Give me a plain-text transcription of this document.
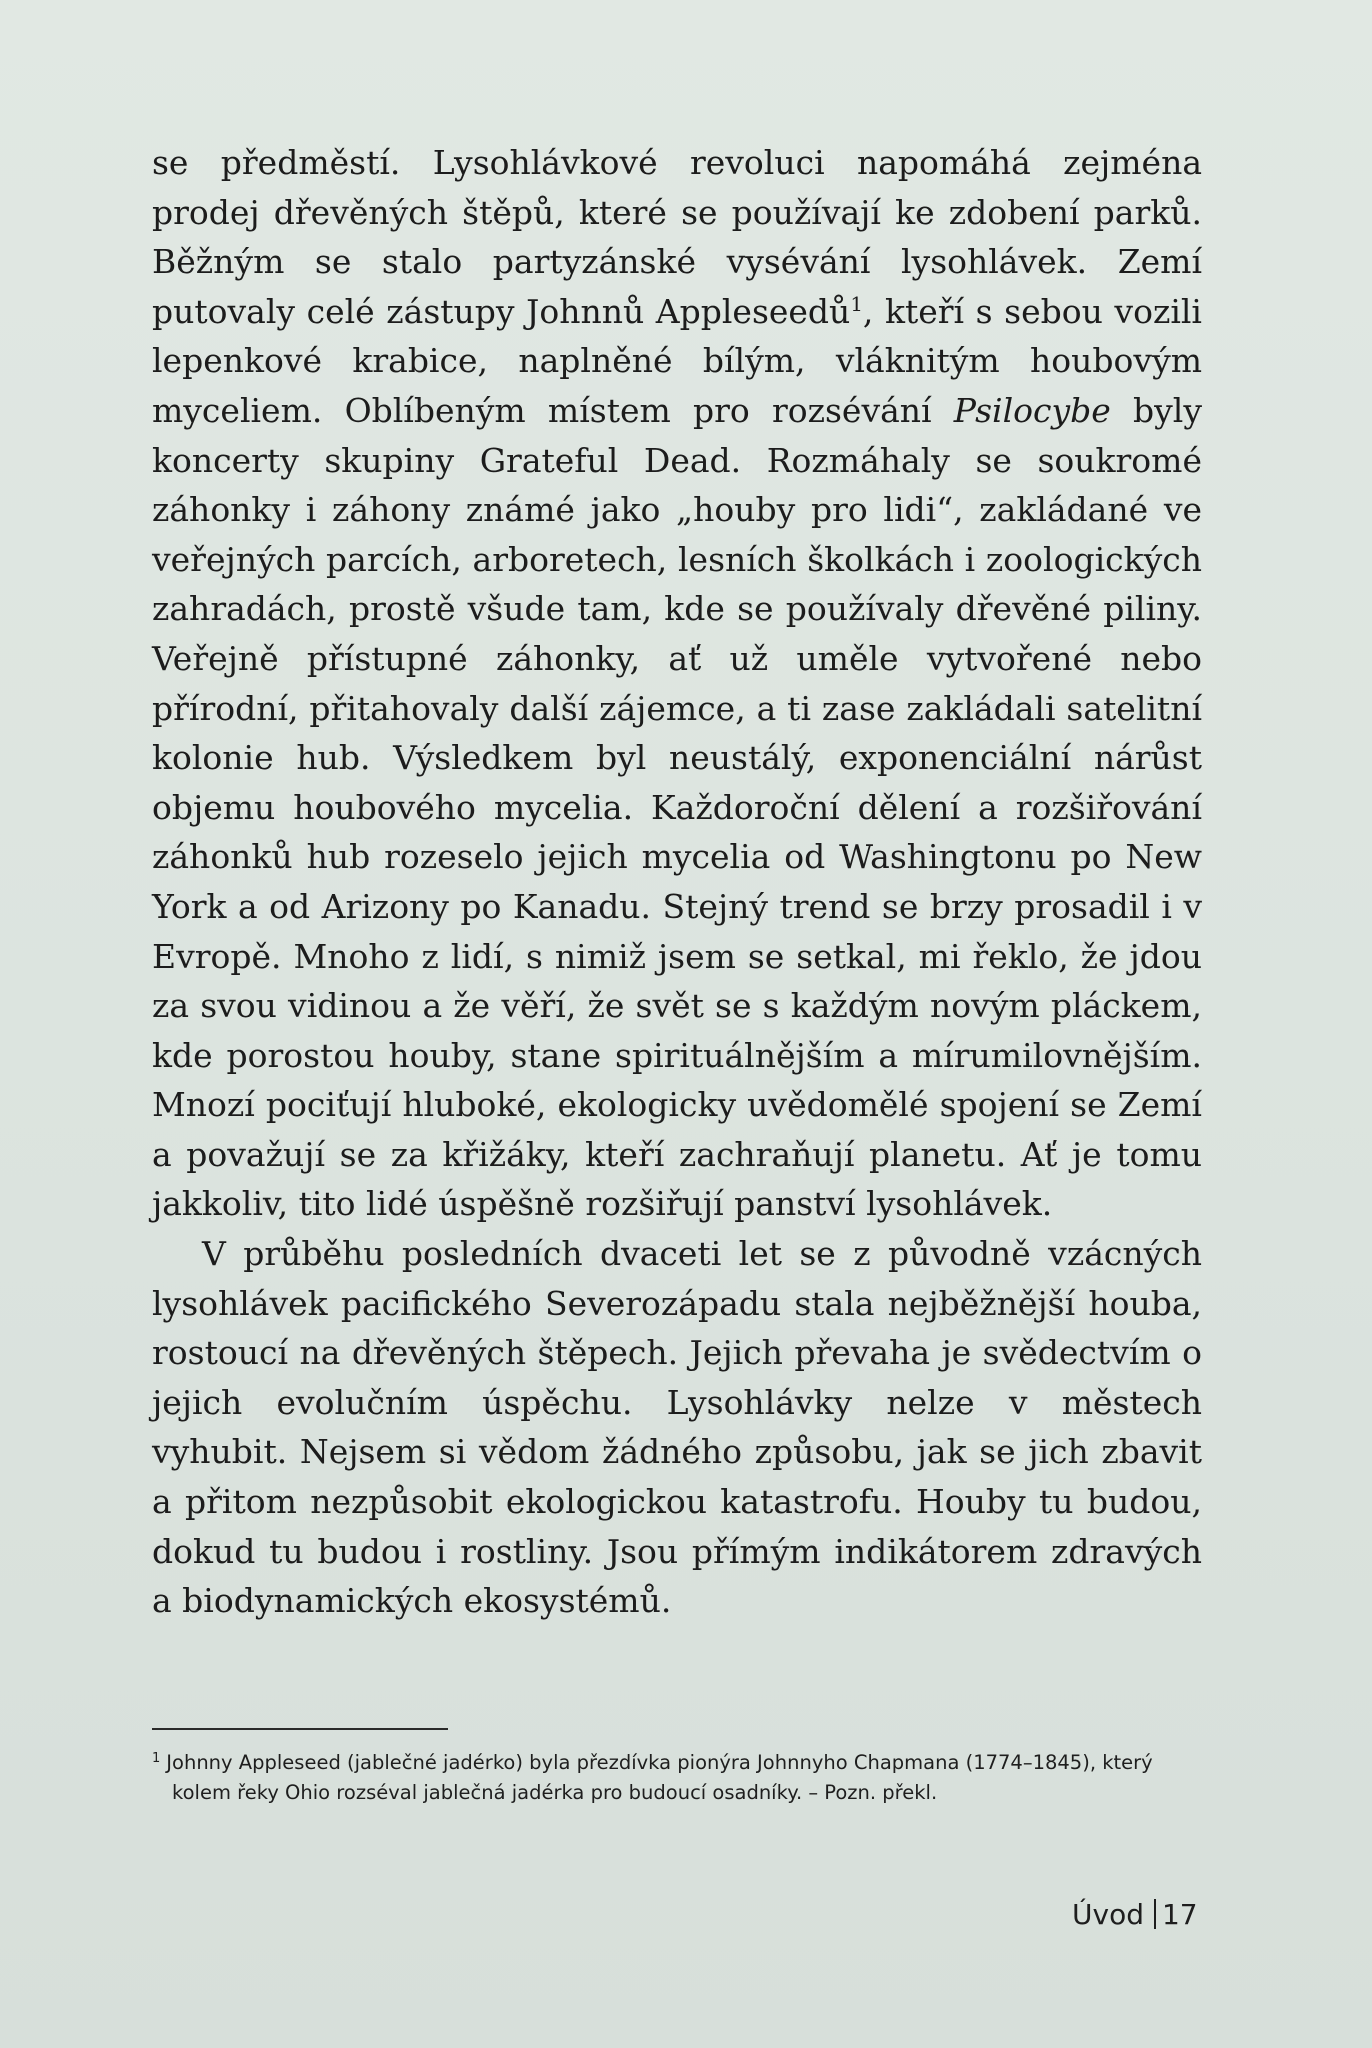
se předměstí. Lysohlávkové revoluci napomáhá zejména prodej dřevěných štěpů, které se používají ke zdobení parků. Běžným se stalo partyzánské vysévání lysohlávek. Zemí putovaly celé zástupy Johnnů Appleseedů$^1$, kteří s sebou vozili lepenkové krabice, naplněné bílým, vláknitým houbovým myceliem. Oblíbeným místem pro rozsévání Psilocybe byly koncerty skupiny Grateful Dead. Rozmáhaly se soukromé záhonky i záhony známé jako „houby pro lidi“, zakládané ve veřejných parcích, arboretech, lesních školkách i zoologických zahradách, prostě všude tam, kde se používaly dřevěné piliny. Veřejně přístupné záhonky, ať už uměle vytvořené nebo přírodní, přitahovaly další zájemce, a ti zase zakládali satelitní kolonie hub. Výsledkem byl neustálý, exponenciální nárůst objemu houbového mycelia. Každoroční dělení a rozšiřování záhonků hub rozeselo jejich mycelia od Washingtonu po New York a od Arizony po Kanadu. Stejný trend se brzy prosadil i v Evropě. Mnoho z lidí, s nimiž jsem se setkal, mi řeklo, že jdou za svou vidinou a že věří, že svět se s každým novým pláckem, kde porostou houby, stane spirituálnějším a mírumilovnějším. Mnozí pociťují hluboké, ekologicky uvědomělé spojení se Zemí a považují se za křižáky, kteří zachraňují planetu. Ať je tomu jakkoliv, tito lidé úspěšně rozšiřují panství lysohlávek.

V průběhu posledních dvaceti let se z původně vzácných lysohlávek pacifického Severozápadu stala nejběžnější houba, rostoucí na dřevěných štěpech. Jejich převaha je svědectvím o jejich evolučním úspěchu. Lysohlávky nelze v městech vyhubit. Nejsem si vědom žádného způsobu, jak se jich zbavit a přitom nezpůsobit ekologickou katastrofu. Houby tu budou, dokud tu budou i rostliny. Jsou přímým indikátorem zdravých a biodynamických ekosystémů.

$^1$ Johnny Appleseed (jablečné jadérko) byla přezdívka pionýra Johnnyho Chapmana (1774–1845), který
kolem řeky Ohio rozséval jablečná jadérka pro budoucí osadníky. – Pozn. překl.
Úvod 17
